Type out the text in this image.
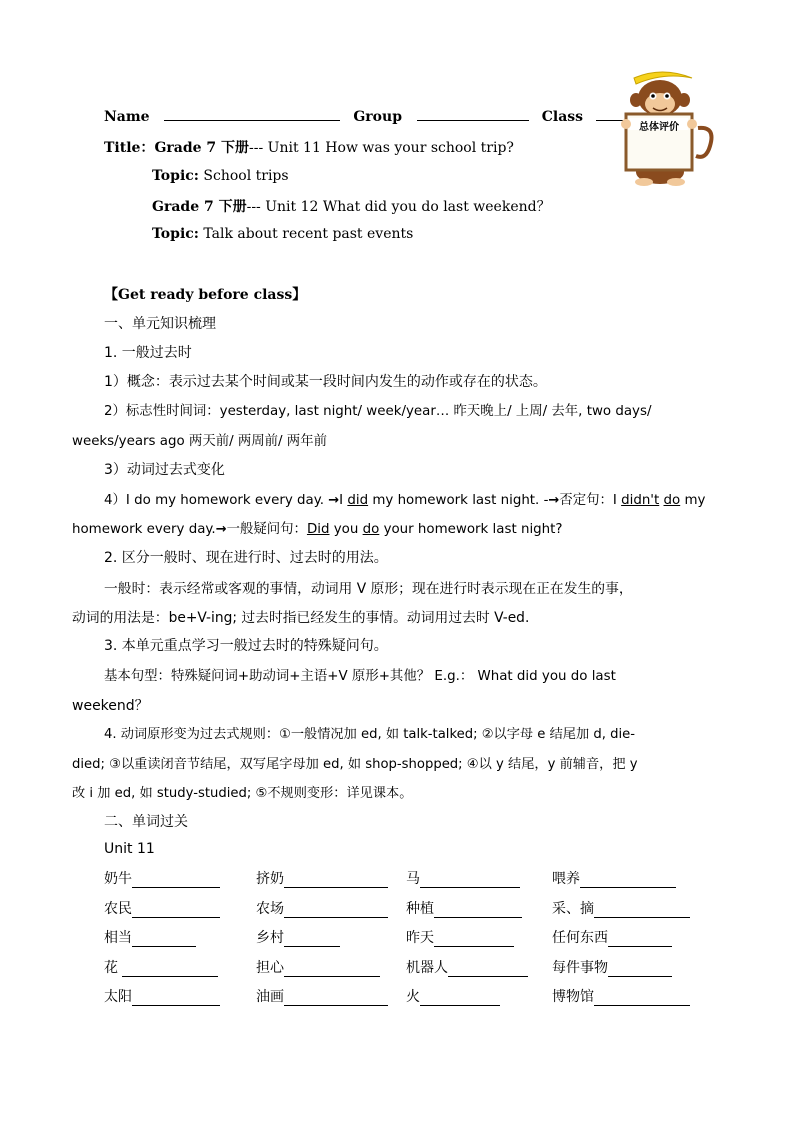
Name	Group	Class
Title：Grade 7 下册--- Unit 11 How was your school trip?
Topic: School trips
Grade 7 下册--- Unit 12 What did you do last weekend？
Topic: Talk about recent past events
总体评价
【Get ready before class】
一、单元知识梳理
1. 一般过去时
1）概念：表示过去某个时间或某一段时间内发生的动作或存在的状态。
2）标志性时间词：yesterday, last night/ week/year… 昨天晚上/ 上周/ 去年, two days/
weeks/years ago 两天前/ 两周前/ 两年前
3）动词过去式变化
4）I do my homework every day. →I did my homework last night. -→否定句：I didn't do my
homework every day.→一般疑问句：Did you do your homework last night?
2. 区分一般时、现在进行时、过去时的用法。
一般时：表示经常或客观的事情，动词用 V 原形；现在进行时表示现在正在发生的事，
动词的用法是：be+V-ing; 过去时指已经发生的事情。动词用过去时 V-ed.
3. 本单元重点学习一般过去时的特殊疑问句。
基本句型：特殊疑问词+助动词+主语+V 原形+其他？ E.g.： What did you do last
weekend？
4. 动词原形变为过去式规则：①一般情况加 ed, 如 talk-talked; ②以字母 e 结尾加 d, die-
died; ③以重读闭音节结尾，双写尾字母加 ed, 如 shop-shopped; ④以 y 结尾，y 前辅音，把 y
改 i 加 ed, 如 study-studied; ⑤不规则变形：详见课本。
二、单词过关
Unit 11
奶牛	挤奶	马	喂养
农民	农场	种植	采、摘
相当	乡村	昨天	任何东西
花	担心	机器人	每件事物
太阳	油画	火	博物馆
